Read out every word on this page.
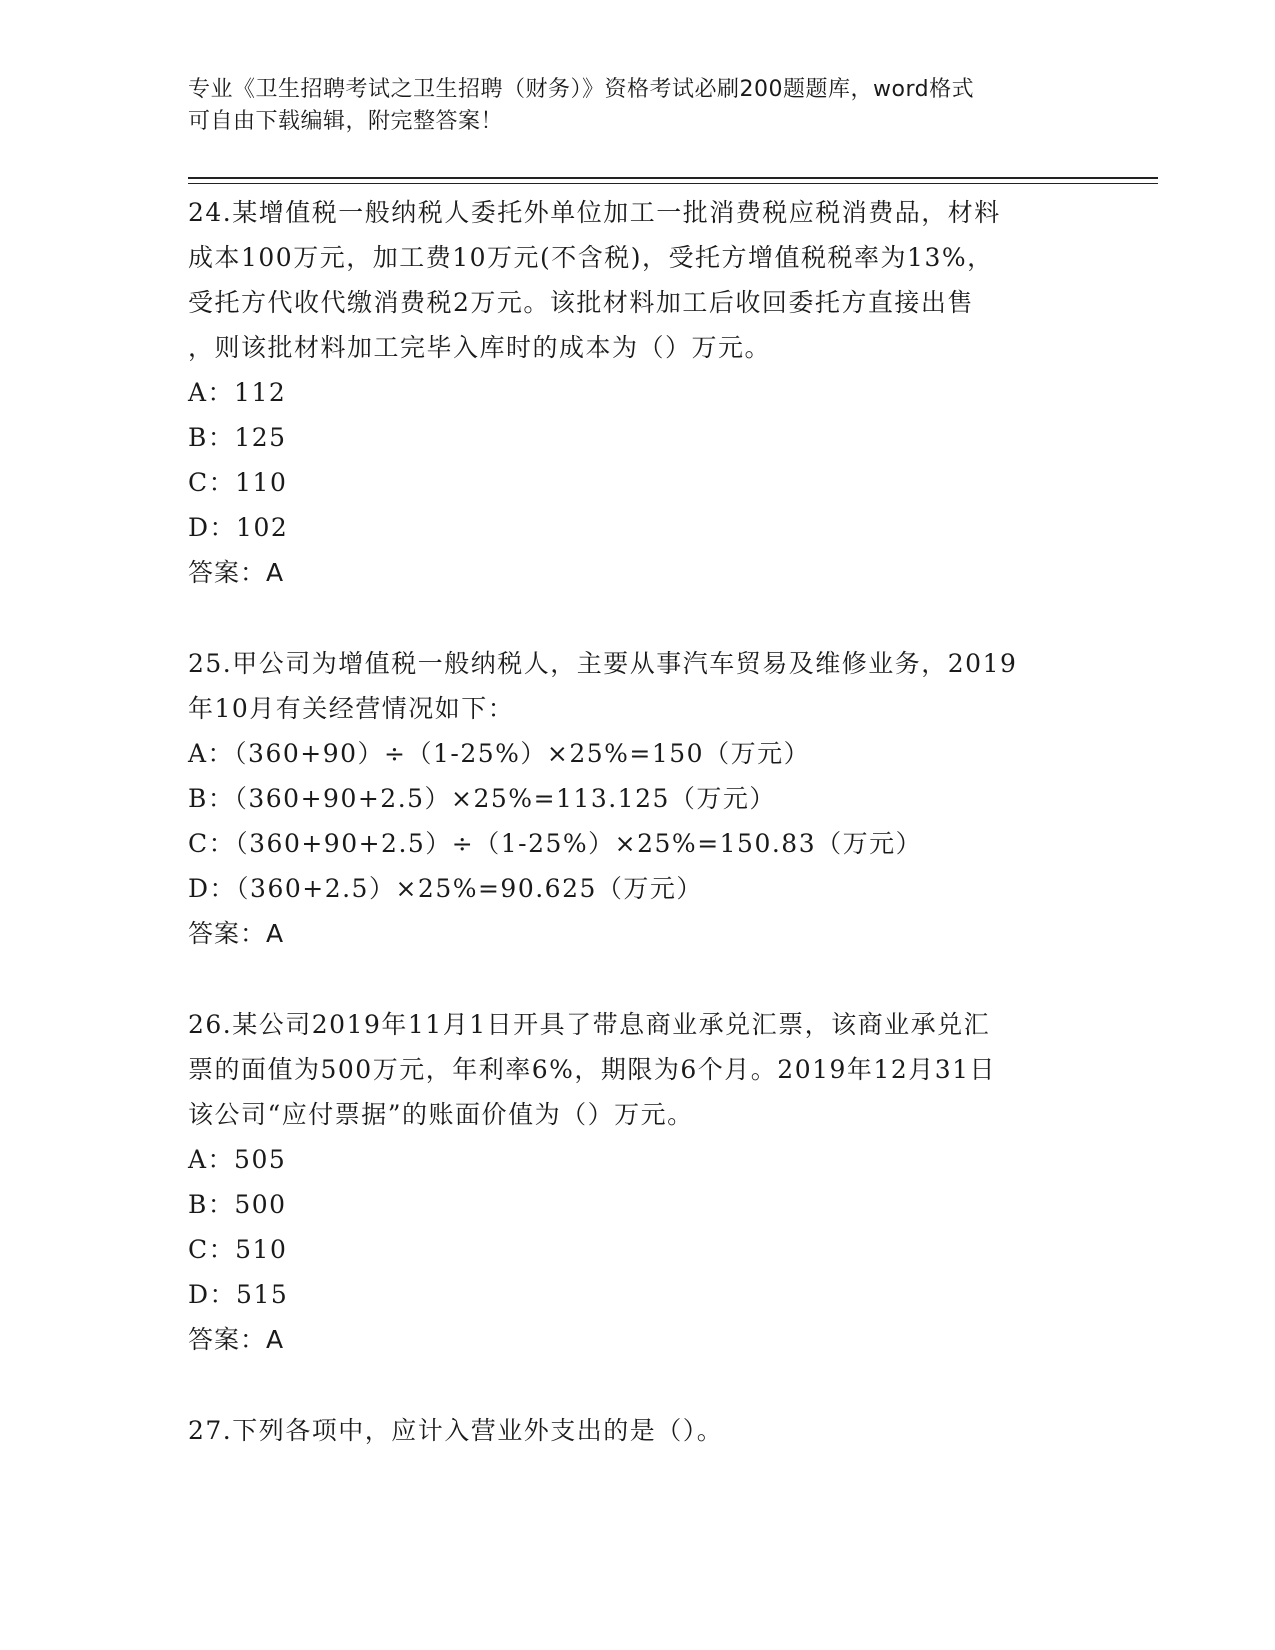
专业《卫生招聘考试之卫生招聘（财务）》资格考试必刷200题题库，word格式
可自由下载编辑，附完整答案！

24.某增值税一般纳税人委托外单位加工一批消费税应税消费品，材料
成本100万元，加工费10万元(不含税)，受托方增值税税率为13%，
受托方代收代缴消费税2万元。该批材料加工后收回委托方直接出售
，则该批材料加工完毕入库时的成本为（）万元。

A：112

B：125

C：110

D：102

答案：A

25.甲公司为增值税一般纳税人，主要从事汽车贸易及维修业务，2019
年10月有关经营情况如下：

A：（360+90）÷（1-25%）×25%=150（万元）

B：（360+90+2.5）×25%=113.125（万元）

C：（360+90+2.5）÷（1-25%）×25%=150.83（万元）

D：（360+2.5）×25%=90.625（万元）

答案：A

26.某公司2019年11月1日开具了带息商业承兑汇票，该商业承兑汇
票的面值为500万元，年利率6%，期限为6个月。2019年12月31日
该公司“应付票据”的账面价值为（）万元。

A：505

B：500

C：510

D：515

答案：A

27.下列各项中，应计入营业外支出的是（）。
